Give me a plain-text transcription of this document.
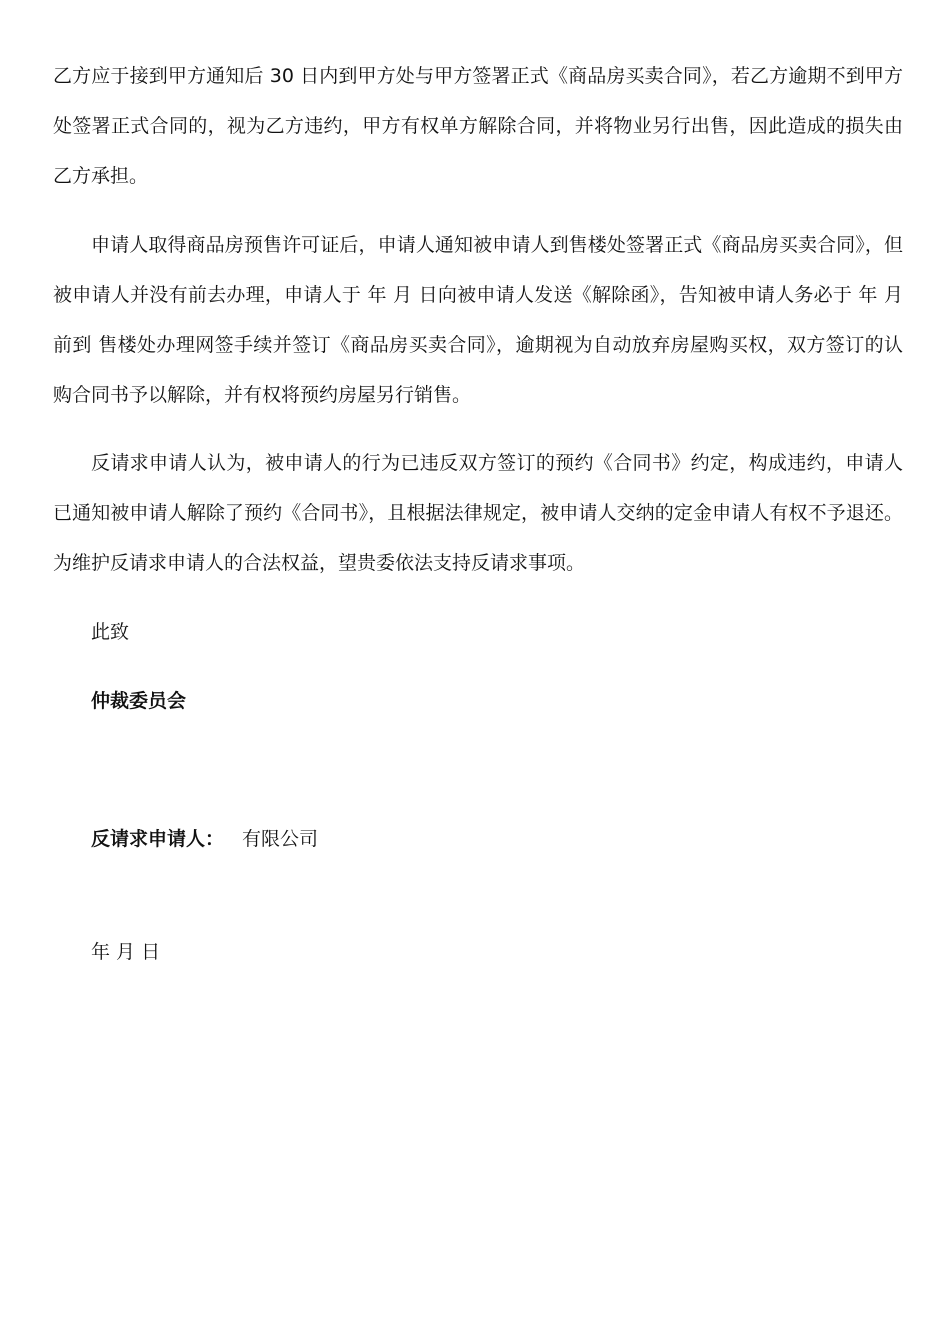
乙方应于接到甲方通知后 30 日内到甲方处与甲方签署正式《商品房买卖合同》，若乙方逾期不到甲方处签署正式合同的，视为乙方违约，甲方有权单方解除合同，并将物业另行出售，因此造成的损失由乙方承担。

申请人取得商品房预售许可证后，申请人通知被申请人到售楼处签署正式《商品房买卖合同》，但被申请人并没有前去办理，申请人于 年 月 日向被申请人发送《解除函》，告知被申请人务必于 年 月 前到 售楼处办理网签手续并签订《商品房买卖合同》，逾期视为自动放弃房屋购买权，双方签订的认购合同书予以解除，并有权将预约房屋另行销售。

反请求申请人认为，被申请人的行为已违反双方签订的预约《合同书》约定，构成违约，申请人已通知被申请人解除了预约《合同书》，且根据法律规定，被申请人交纳的定金申请人有权不予退还。为维护反请求申请人的合法权益，望贵委依法支持反请求事项。

此致

仲裁委员会

反请求申请人： 有限公司

年 月 日
